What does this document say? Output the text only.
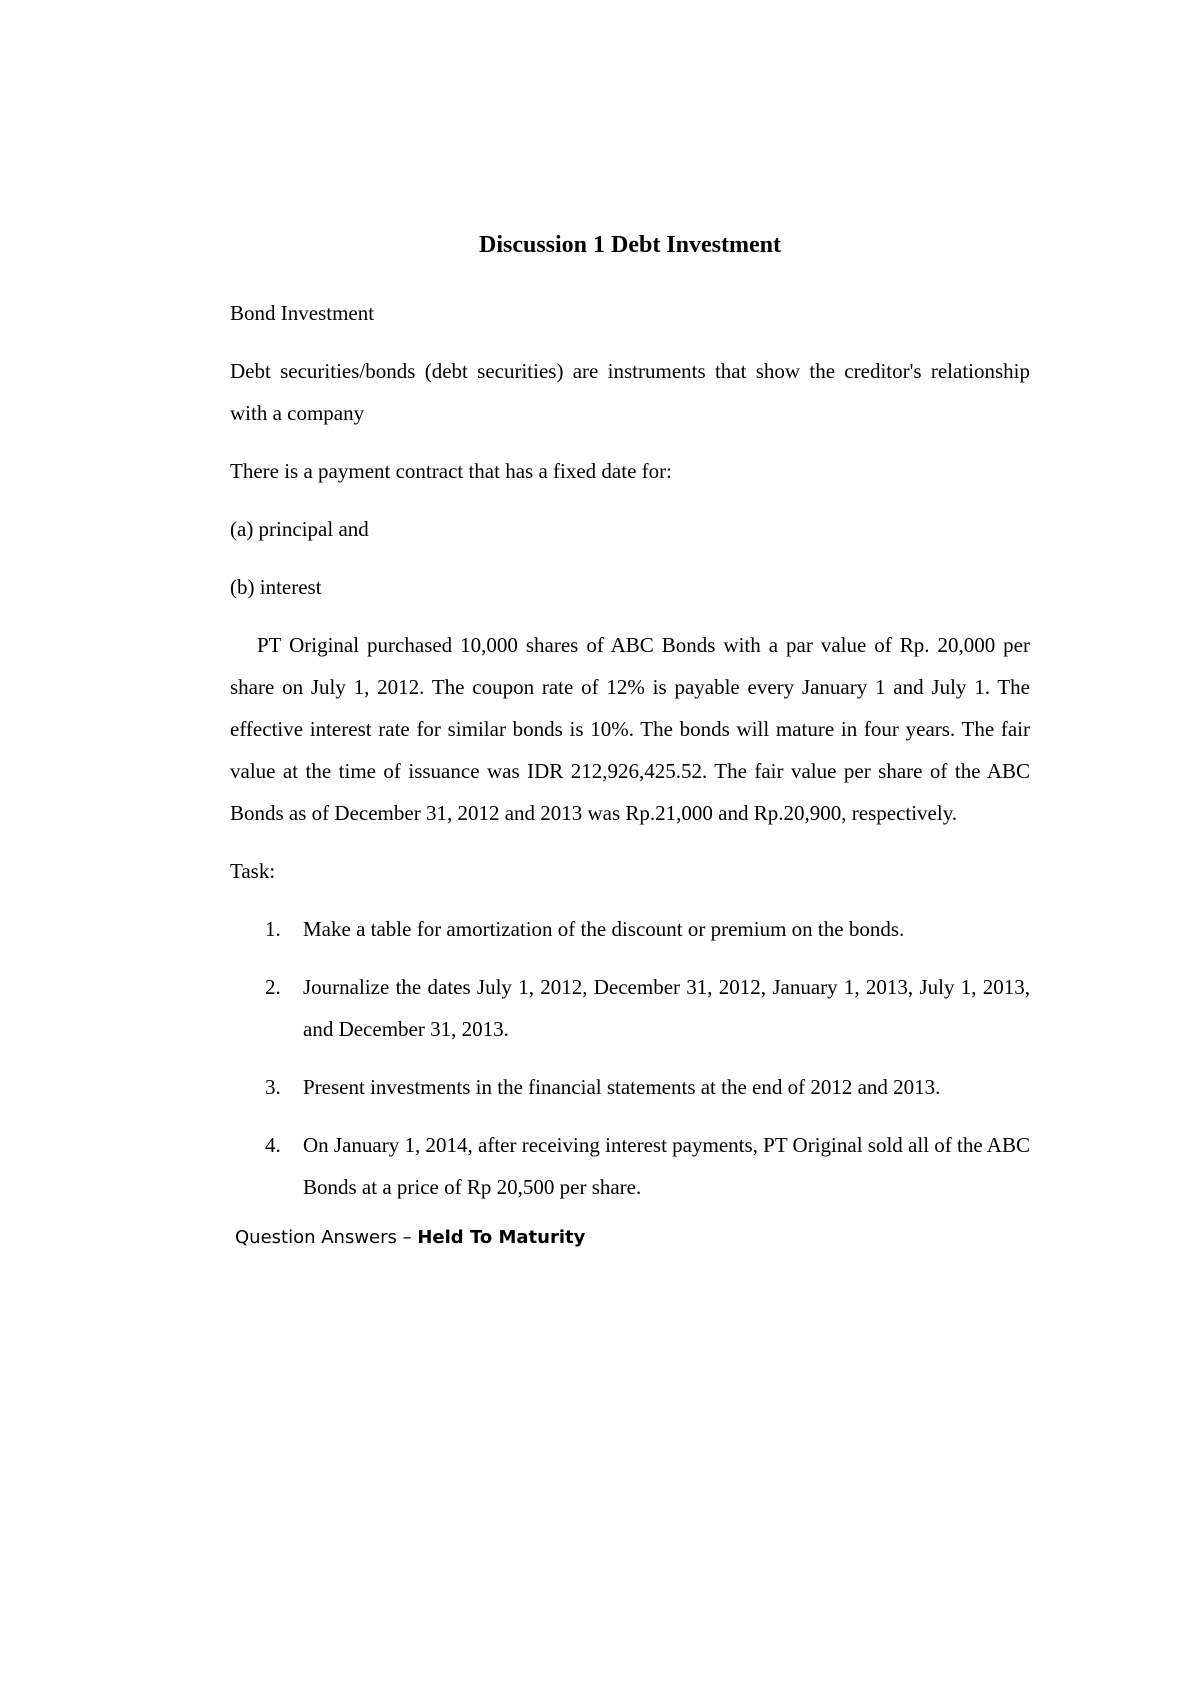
Discussion 1 Debt Investment

Bond Investment

Debt securities/bonds (debt securities) are instruments that show the creditor's relationship with a company

There is a payment contract that has a fixed date for:

(a) principal and

(b) interest

PT Original purchased 10,000 shares of ABC Bonds with a par value of Rp. 20,000 per share on July 1, 2012. The coupon rate of 12% is payable every January 1 and July 1. The effective interest rate for similar bonds is 10%. The bonds will mature in four years. The fair value at the time of issuance was IDR 212,926,425.52. The fair value per share of the ABC Bonds as of December 31, 2012 and 2013 was Rp.21,000 and Rp.20,900, respectively.

Task:

1. Make a table for amortization of the discount or premium on the bonds.
2. Journalize the dates July 1, 2012, December 31, 2012, January 1, 2013, July 1, 2013, and December 31, 2013.
3. Present investments in the financial statements at the end of 2012 and 2013.
4. On January 1, 2014, after receiving interest payments, PT Original sold all of the ABC Bonds at a price of Rp 20,500 per share.
Question Answers – Held To Maturity
